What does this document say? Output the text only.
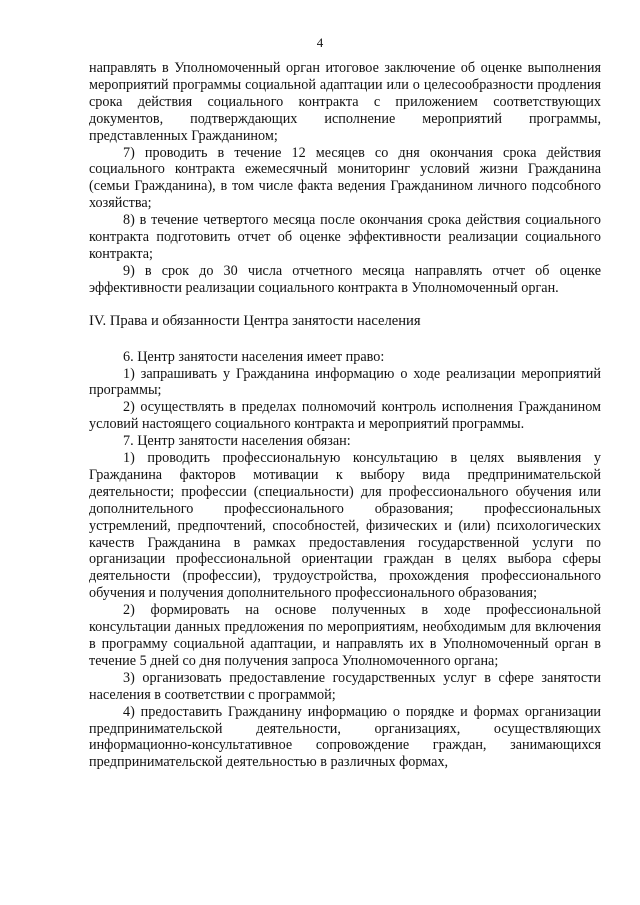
4

направлять в Уполномоченный орган итоговое заключение об оценке выполнения мероприятий программы социальной адаптации или о целесообразности продления срока действия социального контракта с приложением соответствующих документов, подтверждающих исполнение мероприятий программы, представленных Гражданином;

7) проводить в течение 12 месяцев со дня окончания срока действия социального контракта ежемесячный мониторинг условий жизни Гражданина (семьи Гражданина), в том числе факта ведения Гражданином личного подсобного хозяйства;

8) в течение четвертого месяца после окончания срока действия социального контракта подготовить отчет об оценке эффективности реализации социального контракта;

9) в срок до 30 числа отчетного месяца направлять отчет об оценке эффективности реализации социального контракта в Уполномоченный орган.

IV. Права и обязанности Центра занятости населения

6. Центр занятости населения имеет право:

1) запрашивать у Гражданина информацию о ходе реализации мероприятий программы;

2) осуществлять в пределах полномочий контроль исполнения Гражданином условий настоящего социального контракта и мероприятий программы.

7. Центр занятости населения обязан:

1) проводить профессиональную консультацию в целях выявления у Гражданина факторов мотивации к выбору вида предпринимательской деятельности; профессии (специальности) для профессионального обучения или дополнительного профессионального образования; профессиональных устремлений, предпочтений, способностей, физических и (или) психологических качеств Гражданина в рамках предоставления государственной услуги по организации профессиональной ориентации граждан в целях выбора сферы деятельности (профессии), трудоустройства, прохождения профессионального обучения и получения дополнительного профессионального образования;

2) формировать на основе полученных в ходе профессиональной консультации данных предложения по мероприятиям, необходимым для включения в программу социальной адаптации, и направлять их в Уполномоченный орган в течение 5 дней со дня получения запроса Уполномоченного органа;

3) организовать предоставление государственных услуг в сфере занятости населения в соответствии с программой;

4) предоставить Гражданину информацию о порядке и формах организации предпринимательской деятельности, организациях, осуществляющих информационно-консультативное сопровождение граждан, занимающихся предпринимательской деятельностью в различных формах,
